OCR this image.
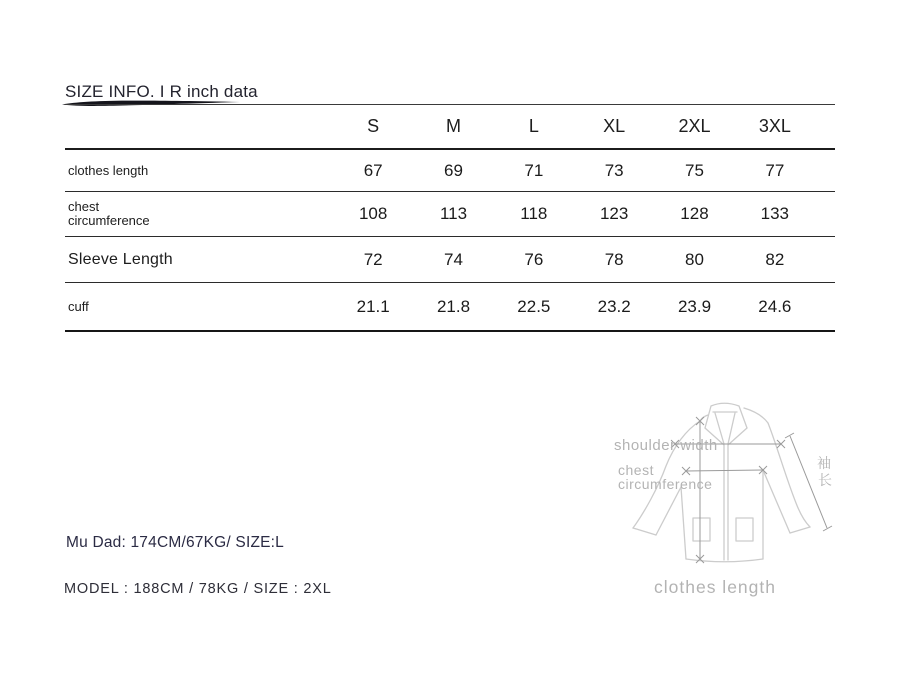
SIZE INFO. I R inch data
S	M	L	XL	2XL	3XL
clothes length	67	69	71	73	75	77
chest
circumference	108	113	118	123	128	133
Sleeve Length	72	74	76	78	80	82
cuff	21.1	21.8	22.5	23.2	23.9	24.6
shoulder width
chest
circumference
袖
长
clothes length
Mu Dad: 174CM/67KG/ SIZE:L
MODEL : 188CM / 78KG / SIZE : 2XL
